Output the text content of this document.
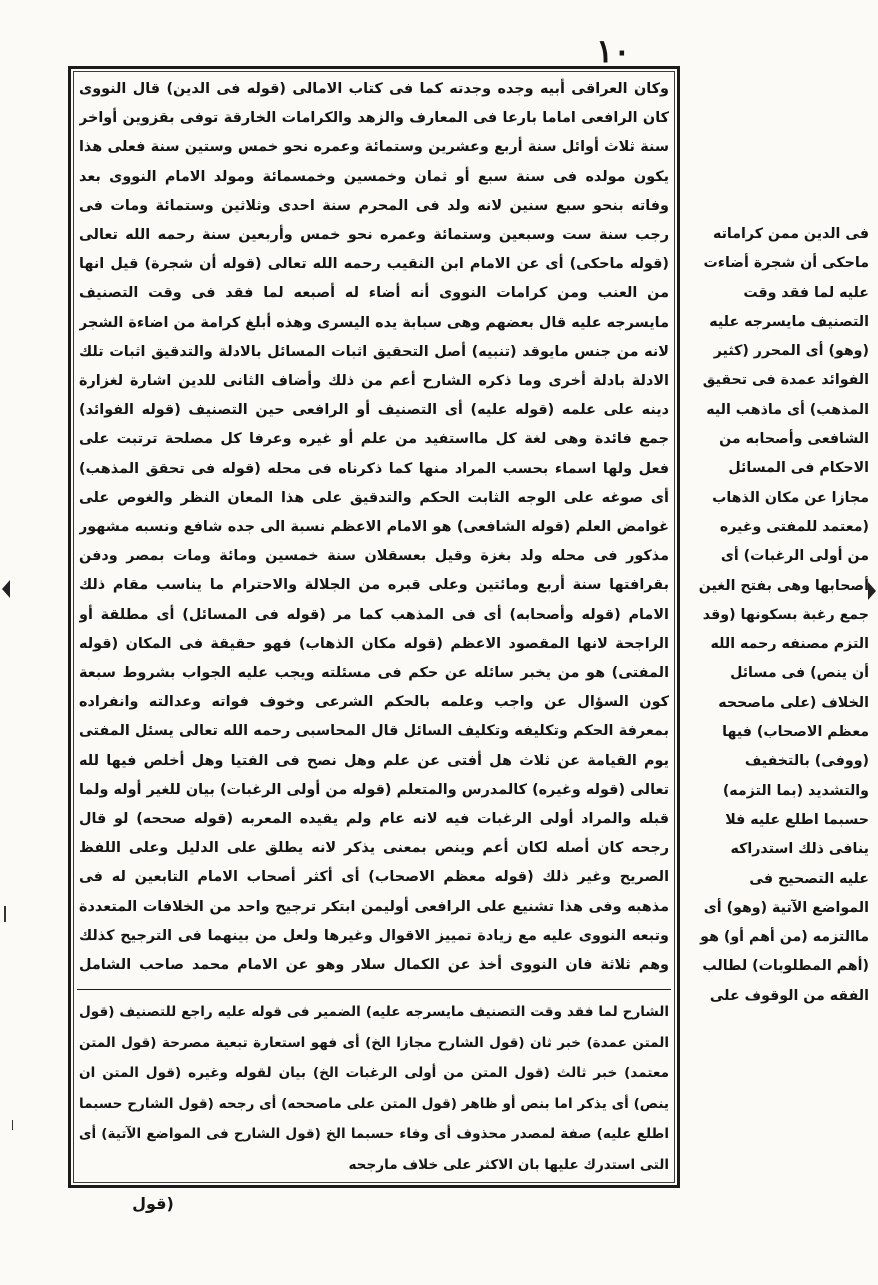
١٠

وكان العراقى أبيه وجده وجدته كما فى كتاب الامالى (قوله فى الدين) قال النووى كان الرافعى اماما بارعا فى المعارف والزهد والكرامات الخارقة توفى بقزوين أواخر سنة ثلاث أوائل سنة أربع وعشرين وستمائة وعمره نحو خمس وستين سنة فعلى هذا يكون مولده فى سنة سبع أو ثمان وخمسين وخمسمائة ومولد الامام النووى بعد وفاته بنحو سبع سنين لانه ولد فى المحرم سنة احدى وثلاثين وستمائة ومات فى رجب سنة ست وسبعين وستمائة وعمره نحو خمس وأربعين سنة رحمه الله تعالى (قوله ماحكى) أى عن الامام ابن النقيب رحمه الله تعالى (قوله أن شجرة) قيل انها من العنب ومن كرامات النووى أنه أضاء له أصبعه لما فقد فى وقت التصنيف مايسرجه عليه قال بعضهم وهى سبابة يده اليسرى وهذه أبلغ كرامة من اضاءة الشجر لانه من جنس مايوقد (تنبيه) أصل التحقيق اثبات المسائل بالادلة والتدقيق اثبات تلك الادلة بادلة أخرى وما ذكره الشارح أعم من ذلك وأضاف الثانى للدين اشارة لغزارة دينه على علمه (قوله عليه) أى التصنيف أو الرافعى حين التصنيف (قوله الفوائد) جمع فائدة وهى لغة كل مااستفيد من علم أو غيره وعرفا كل مصلحة ترتبت على فعل ولها اسماء بحسب المراد منها كما ذكرناه فى محله (قوله فى تحقق المذهب) أى صوغه على الوجه الثابت الحكم والتدقيق على هذا المعان النظر والغوص على غوامض العلم (قوله الشافعى) هو الامام الاعظم نسبة الى جده شافع ونسبه مشهور مذكور فى محله ولد بغزة وقيل بعسقلان سنة خمسين ومائة ومات بمصر ودفن بقرافتها سنة أربع ومائتين وعلى قبره من الجلالة والاحترام ما يناسب مقام ذلك الامام (قوله وأصحابه) أى فى المذهب كما مر (قوله فى المسائل) أى مطلقة أو الراجحة لانها المقصود الاعظم (قوله مكان الذهاب) فهو حقيقة فى المكان (قوله المفتى) هو من يخبر سائله عن حكم فى مسئلته ويجب عليه الجواب بشروط سبعة كون السؤال عن واجب وعلمه بالحكم الشرعى وخوف فواته وعدالته وانفراده بمعرفة الحكم وتكليفه وتكليف السائل قال المحاسبى رحمه الله تعالى يسئل المفتى يوم القيامة عن ثلاث هل أفتى عن علم وهل نصح فى الفتيا وهل أخلص فيها لله تعالى (قوله وغيره) كالمدرس والمتعلم (قوله من أولى الرغبات) بيان للغير أوله ولما قبله والمراد أولى الرغبات فيه لانه عام ولم يقيده المعربه (قوله صححه) لو قال رجحه كان أصله لكان أعم وينص بمعنى يذكر لانه يطلق على الدليل وعلى اللفظ الصريح وغير ذلك (قوله معظم الاصحاب) أى أكثر أصحاب الامام التابعين له فى مذهبه وفى هذا تشنيع على الرافعى أوليمن ابتكر ترجيح واحد من الخلافات المتعددة وتبعه النووى عليه مع زيادة تمييز الاقوال وغيرها ولعل من بينهما فى الترجيح كذلك وهم ثلاثة فان النووى أخذ عن الكمال سلار وهو عن الامام محمد صاحب الشامل

الشارح لما فقد وقت التصنيف مايسرجه عليه) الضمير فى قوله عليه راجع للتصنيف (قول المتن عمدة) خبر ثان (قول الشارح مجازا الخ) أى فهو استعارة تبعية مصرحة (قول المتن معتمد) خبر ثالث (قول المتن من أولى الرغبات الخ) بيان لقوله وغيره (قول المتن ان ينص) أى يذكر اما بنص أو ظاهر (قول المتن على ماصححه) أى رجحه (قول الشارح حسبما اطلع عليه) صفة لمصدر محذوف أى وفاء حسبما الخ (قول الشارح فى المواضع الآتية) أى التى استدرك عليها بان الاكثر على خلاف مارجحه

فى الدين ممن كراماته ماحكى أن شجرة أضاءت عليه لما فقد وقت التصنيف مايسرجه عليه (وهو) أى المحرر (كثير الفوائد عمدة فى تحقيق المذهب) أى ماذهب اليه الشافعى وأصحابه من الاحكام فى المسائل مجازا عن مكان الذهاب (معتمد للمفتى وغيره من أولى الرغبات) أى أصحابها وهى بفتح الغين جمع رغبة بسكونها (وقد التزم مصنفه رحمه الله أن ينص) فى مسائل الخلاف (على ماصححه معظم الاصحاب) فيها (ووفى) بالتخفيف والتشديد (بما التزمه) حسبما اطلع عليه فلا ينافى ذلك استدراكه عليه التصحيح فى المواضع الآتية (وهو) أى ماالتزمه (من أهم أو) هو (أهم المطلوبات) لطالب الفقه من الوقوف على

(قول
